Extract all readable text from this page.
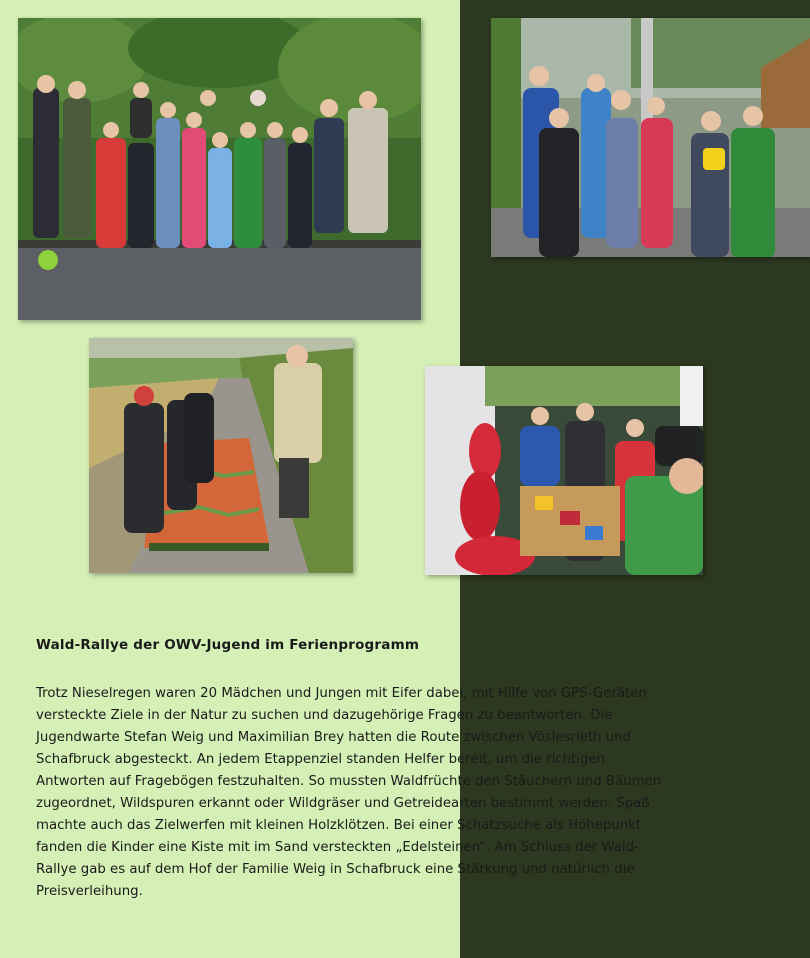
Wald-Rallye der OWV-Jugend im Ferienprogramm

Trotz Nieselregen waren 20 Mädchen und Jungen mit Eifer dabei, mit Hilfe von GPS-Geräten
versteckte Ziele in der Natur zu suchen und dazugehörige Fragen zu beantworten. Die
Jugendwarte Stefan Weig und Maximilian Brey hatten die Route zwischen Vöslesrieth und
Schafbruck abgesteckt. An jedem Etappenziel standen Helfer bereit, um die richtigen
Antworten auf Fragebögen festzuhalten. So mussten Waldfrüchte den Stäuchern und Bäumen
zugeordnet, Wildspuren erkannt oder Wildgräser und Getreidearten bestimmt werden. Spaß
machte auch das Zielwerfen mit kleinen Holzklötzen. Bei einer Schatzsuche als Höhepunkt
fanden die Kinder eine Kiste mit im Sand versteckten „Edelsteinen“. Am Schluss der Wald-
Rallye gab es auf dem Hof der Familie Weig in Schafbruck eine Stärkung und natürlich die
Preisverleihung.
